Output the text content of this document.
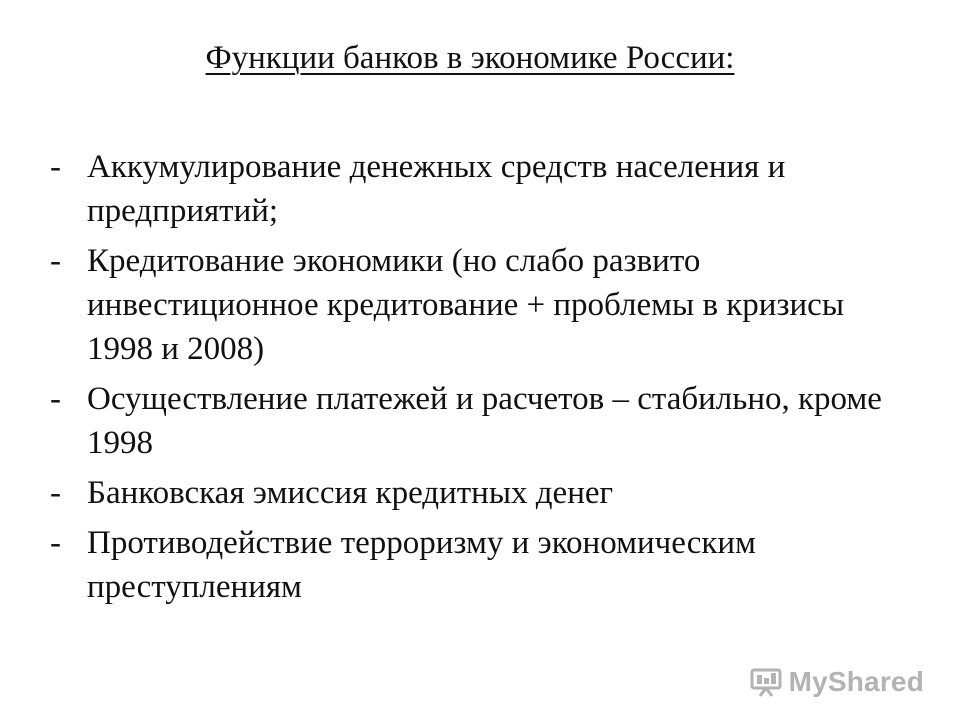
Функции банков в экономике России:
- Аккумулирование денежных средств населения и предприятий;
- Кредитование экономики (но слабо развито инвестиционное кредитование + проблемы в кризисы 1998 и 2008)
- Осуществление платежей и расчетов – стабильно, кроме 1998
- Банковская эмиссия кредитных денег
- Противодействие терроризму и экономическим преступлениям
MyShared
